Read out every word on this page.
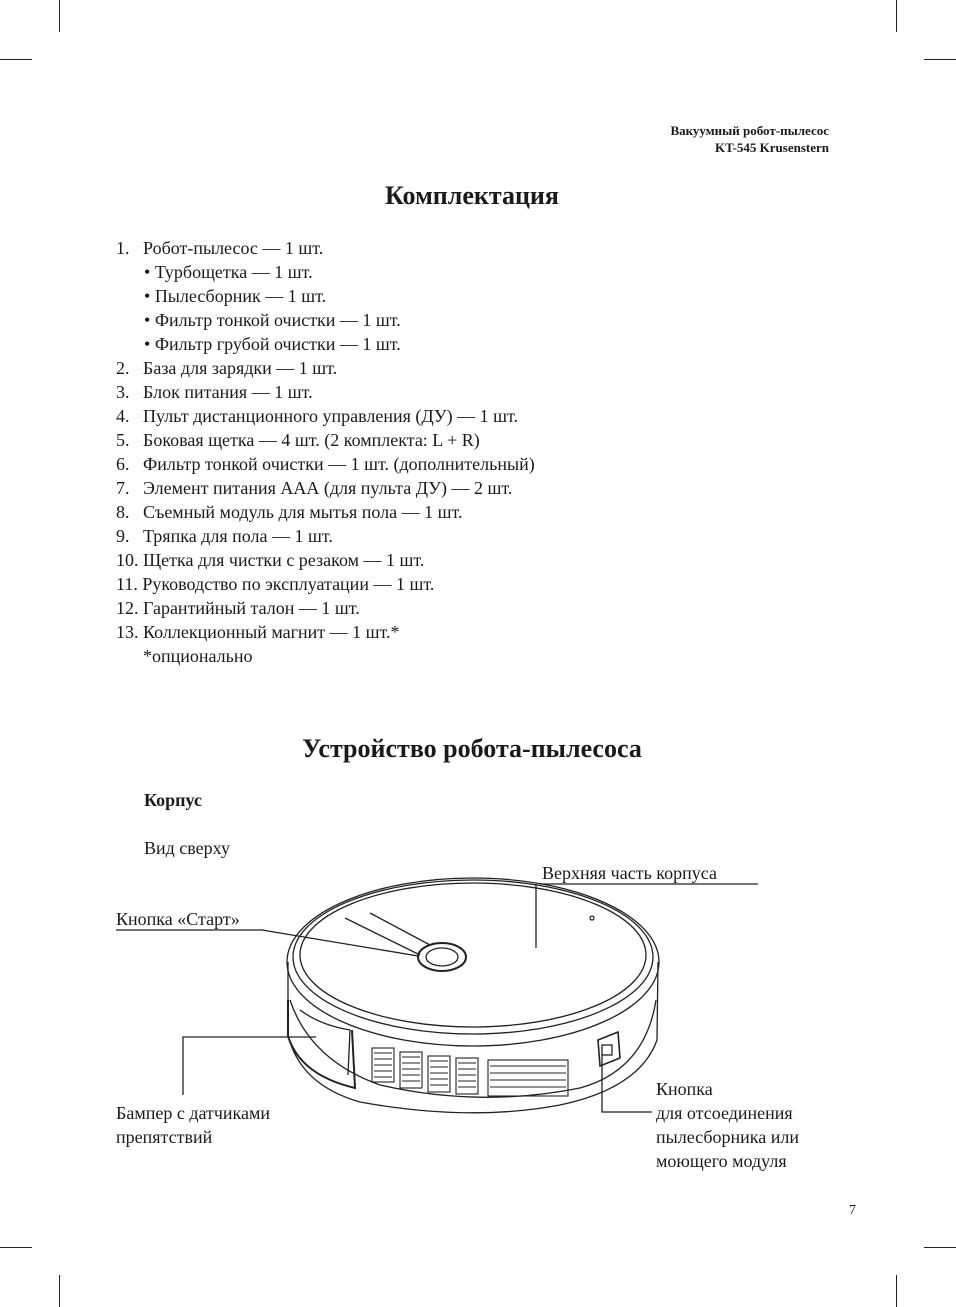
Вакуумный робот-пылесос
KT-545 Krusenstern
Комплектация
1. Робот-пылесос — 1 шт.
• Турбощетка — 1 шт.
• Пылесборник — 1 шт.
• Фильтр тонкой очистки — 1 шт.
• Фильтр грубой очистки — 1 шт.
2. База для зарядки — 1 шт.
3. Блок питания — 1 шт.
4. Пульт дистанционного управления (ДУ) — 1 шт.
5. Боковая щетка — 4 шт. (2 комплекта: L + R)
6. Фильтр тонкой очистки — 1 шт. (дополнительный)
7. Элемент питания ААА (для пульта ДУ) — 2 шт.
8. Съемный модуль для мытья пола — 1 шт.
9. Тряпка для пола — 1 шт.
10. Щетка для чистки с резаком — 1 шт.
11. Руководство по эксплуатации — 1 шт.
12. Гарантийный талон — 1 шт.
13. Коллекционный магнит — 1 шт.*
*опционально
Устройство робота-пылесоса
Корпус
Вид сверху
Верхняя часть корпуса
Кнопка «Старт»
Бампер с датчиками
препятствий
Кнопка
для отсоединения
пылесборника или
моющего модуля
7
